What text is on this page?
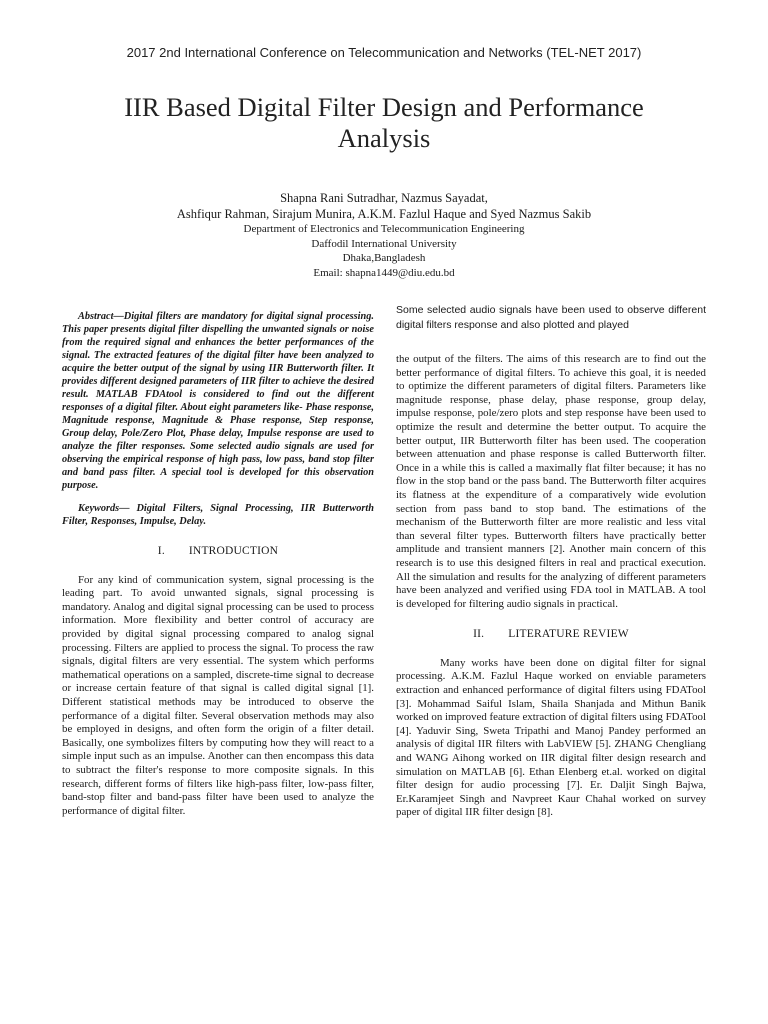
2017 2nd International Conference on Telecommunication and Networks (TEL-NET 2017)
IIR Based Digital Filter Design and Performance
Analysis
Shapna Rani Sutradhar, Nazmus Sayadat,
Ashfiqur Rahman, Sirajum Munira, A.K.M. Fazlul Haque and Syed Nazmus Sakib
Department of Electronics and Telecommunication Engineering
Daffodil International University
Dhaka,Bangladesh
Email: shapna1449@diu.edu.bd

Abstract—Digital filters are mandatory for digital signal processing. This paper presents digital filter dispelling the unwanted signals or noise from the required signal and enhances the better performances of the signal. The extracted features of the digital filter have been analyzed to acquire the better output of the signal by using IIR Butterworth filter. It provides different designed parameters of IIR filter to achieve the desired result. MATLAB FDAtool is considered to find out the different responses of a digital filter. About eight parameters like- Phase response, Magnitude response, Magnitude & Phase response, Step response, Group delay, Pole/Zero Plot, Phase delay, Impulse response are used to analyze the filter responses. Some selected audio signals are used for observing the empirical response of high pass, low pass, band stop filter and band pass filter. A special tool is developed for this observation purpose.

Keywords— Digital Filters, Signal Processing, IIR Butterworth Filter, Responses, Impulse, Delay.

I. INTRODUCTION

For any kind of communication system, signal processing is the leading part. To avoid unwanted signals, signal processing is mandatory. Analog and digital signal processing can be used to process information. More flexibility and better control of accuracy are provided by digital signal processing compared to analog signal processing. Filters are applied to process the signal. To process the raw signals, digital filters are very essential. The system which performs mathematical operations on a sampled, discrete-time signal to decrease or increase certain feature of that signal is called digital signal [1]. Different statistical methods may be introduced to observe the performance of a digital filter. Several observation methods may also be employed in designs, and often form the origin of a filter detail. Basically, one symbolizes filters by computing how they will react to a simple input such as an impulse. Another can then encompass this data to subtract the filter's response to more composite signals. In this research, different forms of filters like high-pass filter, low-pass filter, band-stop filter and band-pass filter have been used to analyze the performance of digital filter.

Some selected audio signals have been used to observe different digital filters response and also plotted and played

the output of the filters. The aims of this research are to find out the better performance of digital filters. To achieve this goal, it is needed to optimize the different parameters of digital filters. Parameters like magnitude response, phase delay, phase response, group delay, impulse response, pole/zero plots and step response have been used to optimize the result and determine the better output. To acquire the better output, IIR Butterworth filter has been used. The cooperation between attenuation and phase response is called Butterworth filter. Once in a while this is called a maximally flat filter because; it has no flow in the stop band or the pass band. The Butterworth filter acquires its flatness at the expenditure of a comparatively wide evolution section from pass band to stop band. The estimations of the mechanism of the Butterworth filter are more realistic and less vital than several filter types. Butterworth filters have practically better amplitude and transient manners [2]. Another main concern of this research is to use this designed filters in real and practical execution. All the simulation and results for the analyzing of different parameters have been analyzed and verified using FDA tool in MATLAB. A tool is developed for filtering audio signals in practical.

II. LITERATURE REVIEW

Many works have been done on digital filter for signal processing. A.K.M. Fazlul Haque worked on enviable parameters extraction and enhanced performance of digital filters using FDATool [3]. Mohammad Saiful Islam, Shaila Shanjada and Mithun Banik worked on improved feature extraction of digital filters using FDATool [4]. Yaduvir Sing, Sweta Tripathi and Manoj Pandey performed an analysis of digital IIR filters with LabVIEW [5]. ZHANG Chengliang and WANG Aihong worked on IIR digital filter design research and simulation on MATLAB [6]. Ethan Elenberg et.al. worked on digital filter design for audio processing [7]. Er. Daljit Singh Bajwa, Er.Karamjeet Singh and Navpreet Kaur Chahal worked on survey paper of digital IIR filter design [8].
